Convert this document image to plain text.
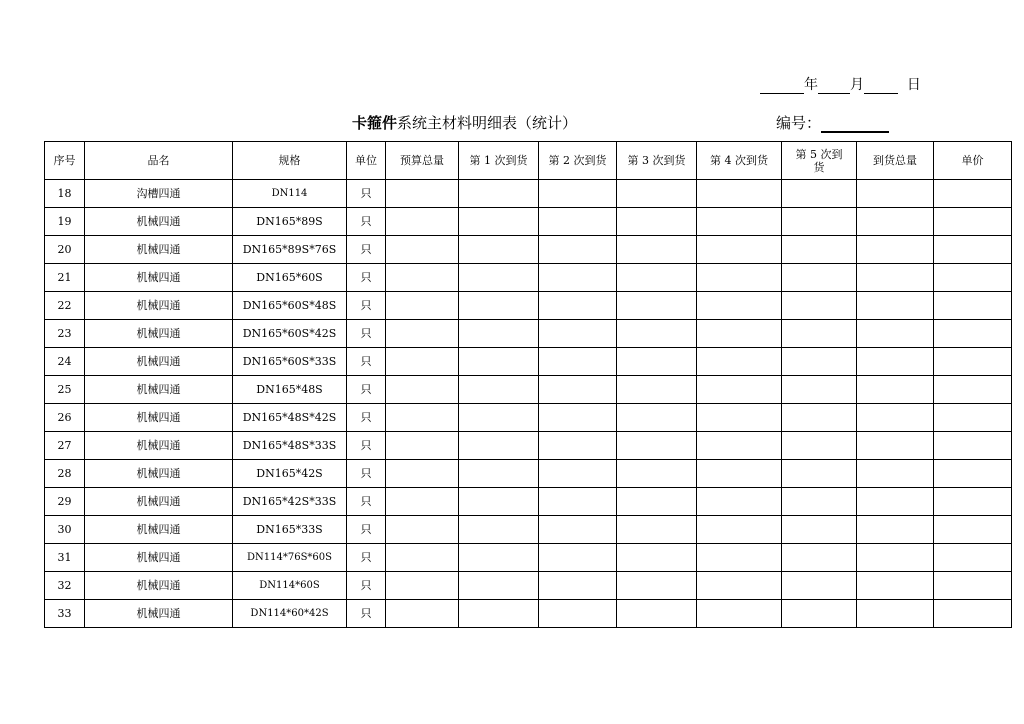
年 月	日
卡箍件系统主材料明细表（统计）	编号：
序号	品名	规格	单位	预算总量	第 1 次到货	第 2 次到货	第 3 次到货	第 4 次到货	第 5 次到货	到货总量	单价
18	沟槽四通	DN114	只								
19	机械四通	DN165*89S	只								
20	机械四通	DN165*89S*76S	只								
21	机械四通	DN165*60S	只								
22	机械四通	DN165*60S*48S	只								
23	机械四通	DN165*60S*42S	只								
24	机械四通	DN165*60S*33S	只								
25	机械四通	DN165*48S	只								
26	机械四通	DN165*48S*42S	只								
27	机械四通	DN165*48S*33S	只								
28	机械四通	DN165*42S	只								
29	机械四通	DN165*42S*33S	只								
30	机械四通	DN165*33S	只								
31	机械四通	DN114*76S*60S	只								
32	机械四通	DN114*60S	只								
33	机械四通	DN114*60*42S	只								
